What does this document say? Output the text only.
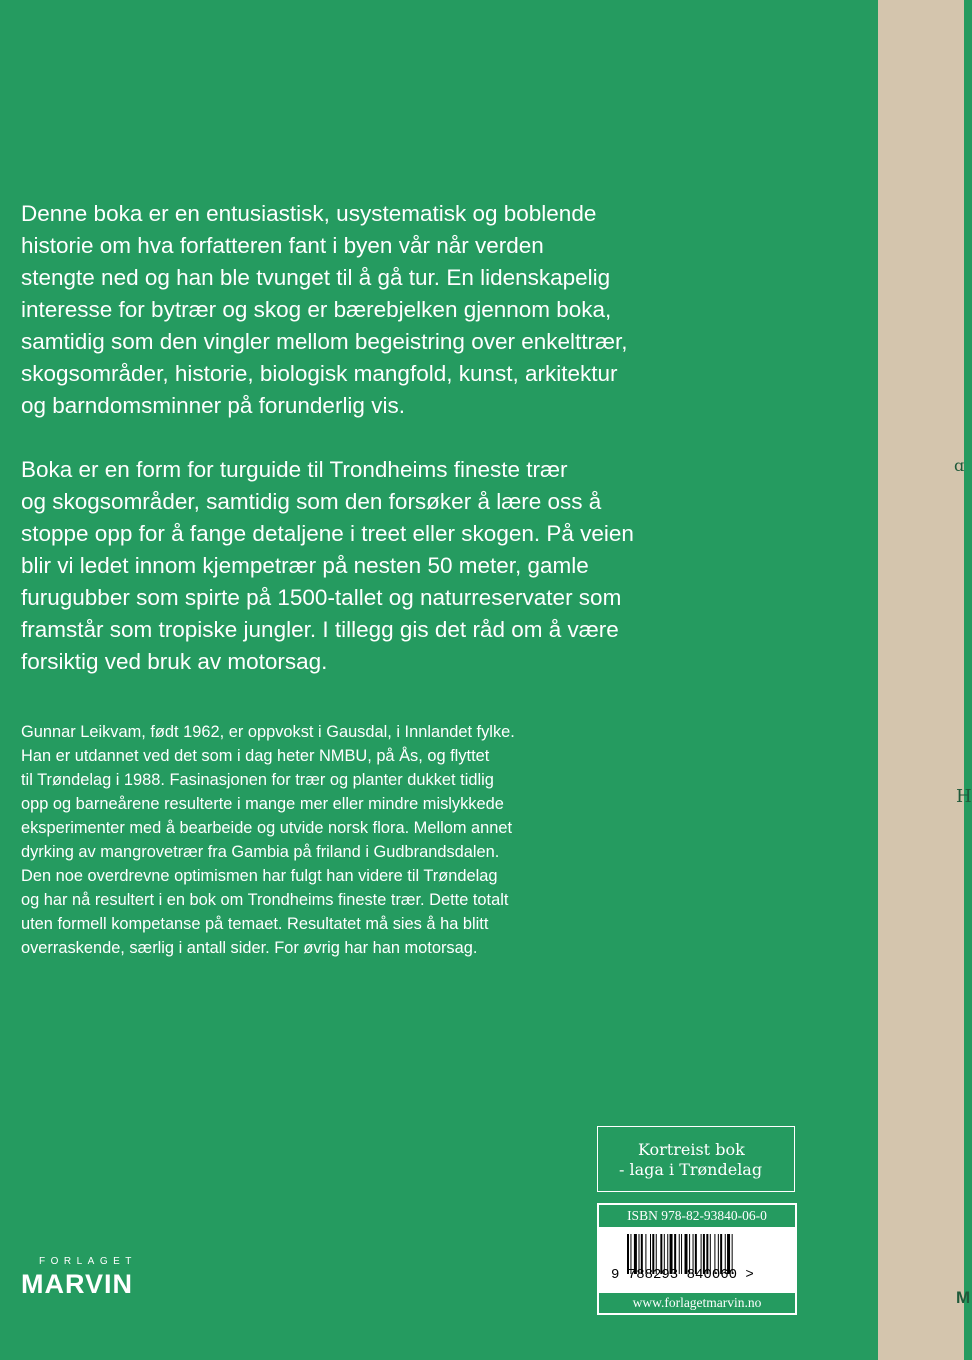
Denne boka er en entusiastisk, usystematisk og boblende
historie om hva forfatteren fant i byen vår når verden
stengte ned og han ble tvunget til å gå tur. En lidenskapelig
interesse for bytrær og skog er bærebjelken gjennom boka,
samtidig som den vingler mellom begeistring over enkelttrær,
skogsområder, historie, biologisk mangfold, kunst, arkitektur
og barndomsminner på forunderlig vis.

Boka er en form for turguide til Trondheims fineste trær
og skogsområder, samtidig som den forsøker å lære oss å
stoppe opp for å fange detaljene i treet eller skogen. På veien
blir vi ledet innom kjempetrær på nesten 50 meter, gamle
furugubber som spirte på 1500-tallet og naturreservater som
framstår som tropiske jungler. I tillegg gis det råd om å være
forsiktig ved bruk av motorsag.

Gunnar Leikvam, født 1962, er oppvokst i Gausdal, i Innlandet fylke.
Han er utdannet ved det som i dag heter NMBU, på Ås, og flyttet
til Trøndelag i 1988. Fasinasjonen for trær og planter dukket tidlig
opp og barneårene resulterte i mange mer eller mindre mislykkede
eksperimenter med å bearbeide og utvide norsk flora. Mellom annet
dyrking av mangrovetrær fra Gambia på friland i Gudbrandsdalen.
Den noe overdrevne optimismen har fulgt han videre til Trøndelag
og har nå resultert i en bok om Trondheims fineste trær. Dette totalt
uten formell kompetanse på temaet. Resultatet må sies å ha blitt
overraskende, særlig i antall sider. For øvrig har han motorsag.

FORLAGET
MARVIN
Kortreist bok
- laga i Trøndelag
ISBN 978-82-93840-06-0
9 788293 840060 >
www.forlagetmarvin.no
ɑ
H
M
